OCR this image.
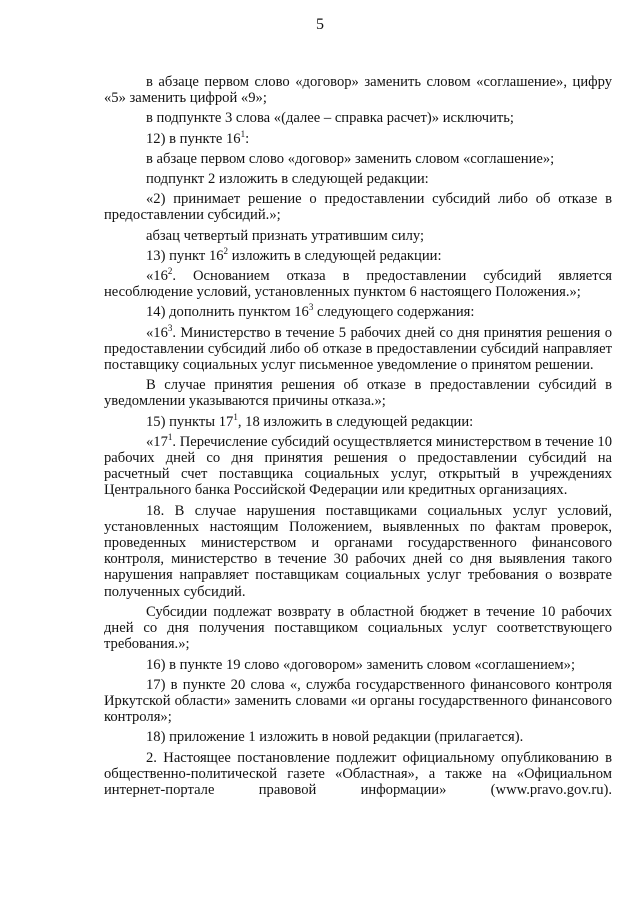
5

в абзаце первом слово «договор» заменить словом «соглашение», цифру «5» заменить цифрой «9»;

в подпункте 3 слова «(далее – справка расчет)» исключить;

12) в пункте $16^1$:

в абзаце первом слово «договор» заменить словом «соглашение»;

подпункт 2 изложить в следующей редакции:

«2) принимает решение о предоставлении субсидий либо об отказе в предоставлении субсидий.»;

абзац четвертый признать утратившим силу;

13) пункт $16^2$ изложить в следующей редакции:

«$16^2$. Основанием отказа в предоставлении субсидий является несоблюдение условий, установленных пунктом 6 настоящего Положения.»;

14) дополнить пунктом $16^3$ следующего содержания:

«$16^3$. Министерство в течение 5 рабочих дней со дня принятия решения о предоставлении субсидий либо об отказе в предоставлении субсидий направляет поставщику социальных услуг письменное уведомление о принятом решении.

В случае принятия решения об отказе в предоставлении субсидий в уведомлении указываются причины отказа.»;

15) пункты $17^1$, 18 изложить в следующей редакции:

«$17^1$. Перечисление субсидий осуществляется министерством в течение 10 рабочих дней со дня принятия решения о предоставлении субсидий на расчетный счет поставщика социальных услуг, открытый в учреждениях Центрального банка Российской Федерации или кредитных организациях.

18. В случае нарушения поставщиками социальных услуг условий, установленных настоящим Положением, выявленных по фактам проверок, проведенных министерством и органами государственного финансового контроля, министерство в течение 30 рабочих дней со дня выявления такого нарушения направляет поставщикам социальных услуг требования о возврате полученных субсидий.

Субсидии подлежат возврату в областной бюджет в течение 10 рабочих дней со дня получения поставщиком социальных услуг соответствующего требования.»;

16) в пункте 19 слово «договором» заменить словом «соглашением»;

17) в пункте 20 слова «, служба государственного финансового контроля Иркутской области» заменить словами «и органы государственного финансового контроля»;

18) приложение 1 изложить в новой редакции (прилагается).

2. Настоящее постановление подлежит официальному опубликованию в общественно-политической газете «Областная», а также на «Официальном интернет-портале правовой информации» (www.pravo.gov.ru).
